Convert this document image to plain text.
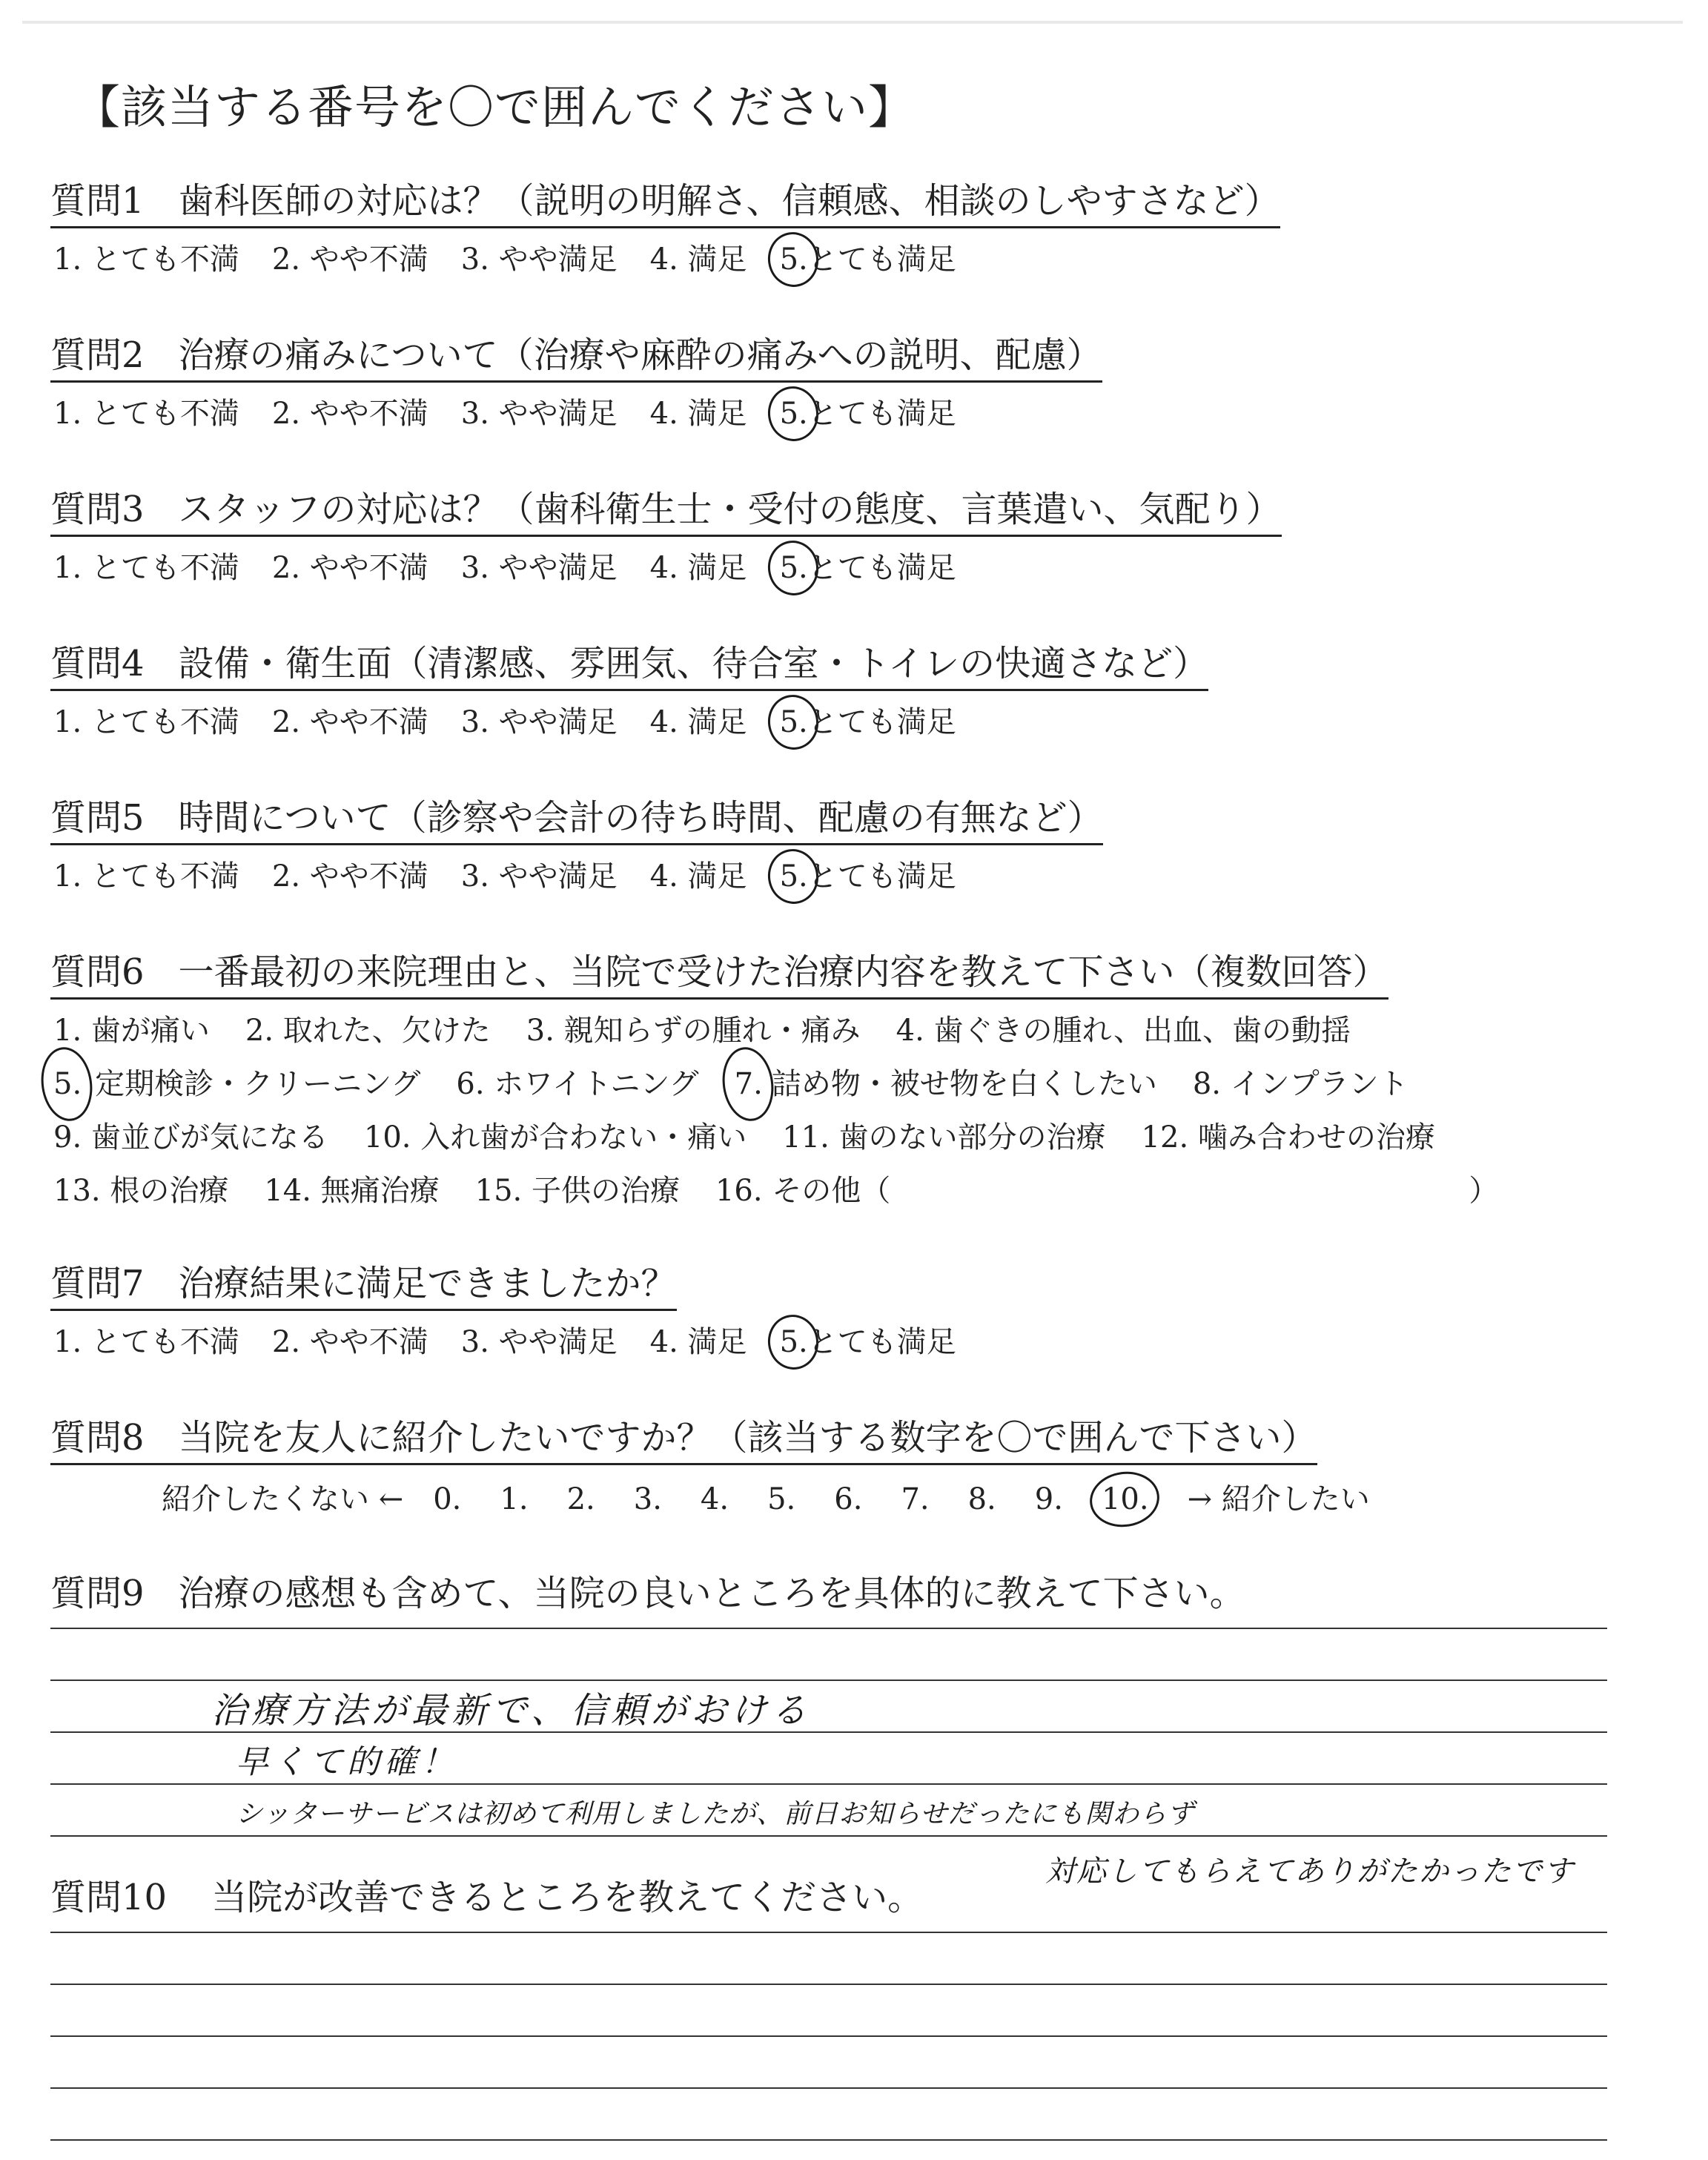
【該当する番号を〇で囲んでください】
質問1 歯科医師の対応は？（説明の明解さ、信頼感、相談のしやすさなど）
1. とても不満 2. やや不満 3. やや満足 4. 満足 5.とても満足
質問2 治療の痛みについて（治療や麻酔の痛みへの説明、配慮）
1. とても不満 2. やや不満 3. やや満足 4. 満足 5.とても満足
質問3 スタッフの対応は？（歯科衛生士・受付の態度、言葉遣い、気配り）
1. とても不満 2. やや不満 3. やや満足 4. 満足 5.とても満足
質問4 設備・衛生面（清潔感、雰囲気、待合室・トイレの快適さなど）
1. とても不満 2. やや不満 3. やや満足 4. 満足 5.とても満足
質問5 時間について（診察や会計の待ち時間、配慮の有無など）
1. とても不満 2. やや不満 3. やや満足 4. 満足 5.とても満足
質問6 一番最初の来院理由と、当院で受けた治療内容を教えて下さい（複数回答）
1. 歯が痛い 2. 取れた、欠けた 3. 親知らずの腫れ・痛み 4. 歯ぐきの腫れ、出血、歯の動揺
5. 定期検診・クリーニング 6. ホワイトニング 7. 詰め物・被せ物を白くしたい 8. インプラント
9. 歯並びが気になる 10. 入れ歯が合わない・痛い 11. 歯のない部分の治療 12. 噛み合わせの治療
13. 根の治療 14. 無痛治療 15. 子供の治療 16. その他（	）
質問7 治療結果に満足できましたか？
1. とても不満 2. やや不満 3. やや満足 4. 満足 5.とても満足
質問8 当院を友人に紹介したいですか？（該当する数字を〇で囲んで下さい）
紹介したくない ← 0. 1. 2. 3. 4. 5. 6. 7. 8. 9. 10. → 紹介したい
質問9 治療の感想も含めて、当院の良いところを具体的に教えて下さい。
治療方法が最新で、信頼がおける
早くて的確！
シッターサービスは初めて利用しましたが、前日お知らせだったにも関わらず
対応してもらえてありがたかったです
質問10 当院が改善できるところを教えてください。
